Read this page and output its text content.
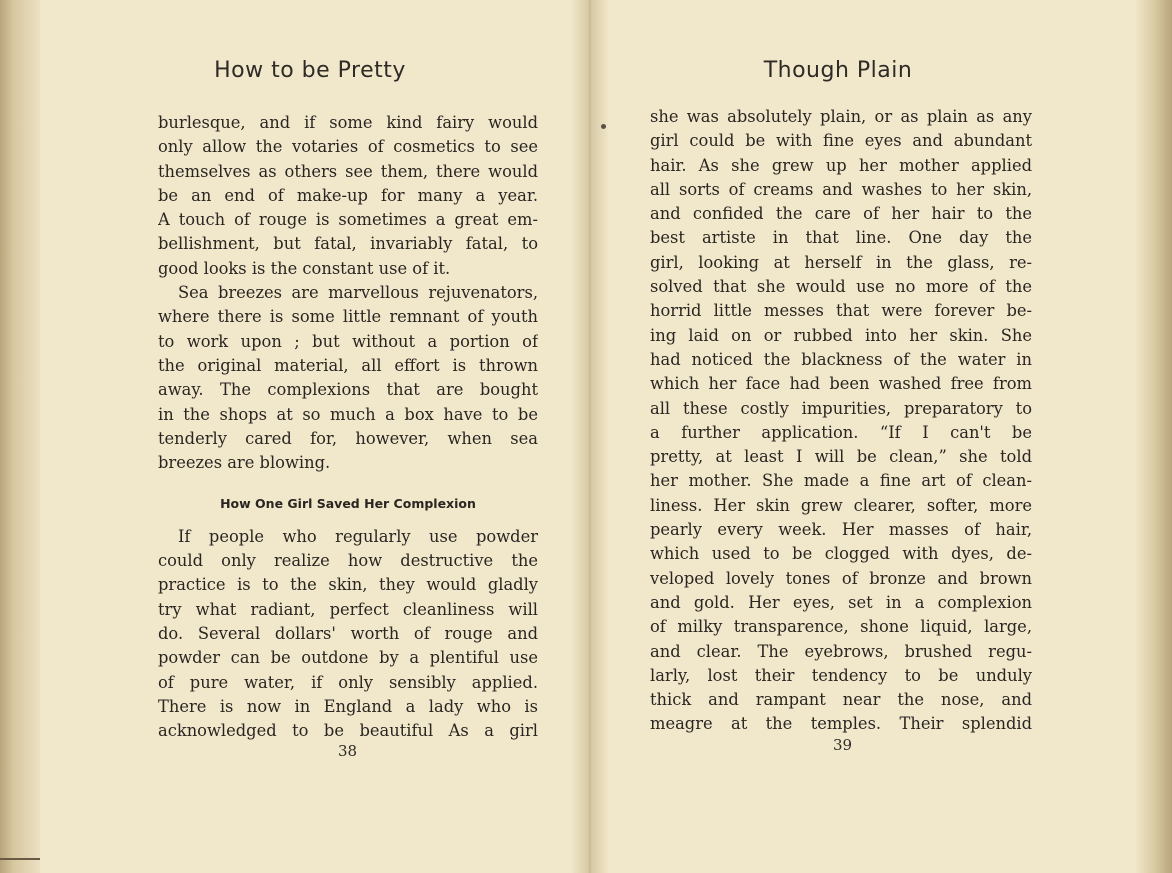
How to be Pretty
burlesque, and if some kind fairy would
only allow the votaries of cosmetics to see
themselves as others see them, there would
be an end of make-up for many a year.
A touch of rouge is sometimes a great em-
bellishment, but fatal, invariably fatal, to
good looks is the constant use of it.
Sea breezes are marvellous rejuvenators,
where there is some little remnant of youth
to work upon ; but without a portion of
the original material, all effort is thrown
away. The complexions that are bought
in the shops at so much a box have to be
tenderly cared for, however, when sea
breezes are blowing.
How One Girl Saved Her Complexion
If people who regularly use powder
could only realize how destructive the
practice is to the skin, they would gladly
try what radiant, perfect cleanliness will
do. Several dollars' worth of rouge and
powder can be outdone by a plentiful use
of pure water, if only sensibly applied.
There is now in England a lady who is
acknowledged to be beautiful As a girl
38
Though Plain
she was absolutely plain, or as plain as any
girl could be with fine eyes and abundant
hair. As she grew up her mother applied
all sorts of creams and washes to her skin,
and confided the care of her hair to the
best artiste in that line. One day the
girl, looking at herself in the glass, re-
solved that she would use no more of the
horrid little messes that were forever be-
ing laid on or rubbed into her skin. She
had noticed the blackness of the water in
which her face had been washed free from
all these costly impurities, preparatory to
a further application. “If I can't be
pretty, at least I will be clean,” she told
her mother. She made a fine art of clean-
liness. Her skin grew clearer, softer, more
pearly every week. Her masses of hair,
which used to be clogged with dyes, de-
veloped lovely tones of bronze and brown
and gold. Her eyes, set in a complexion
of milky transparence, shone liquid, large,
and clear. The eyebrows, brushed regu-
larly, lost their tendency to be unduly
thick and rampant near the nose, and
meagre at the temples. Their splendid
39
